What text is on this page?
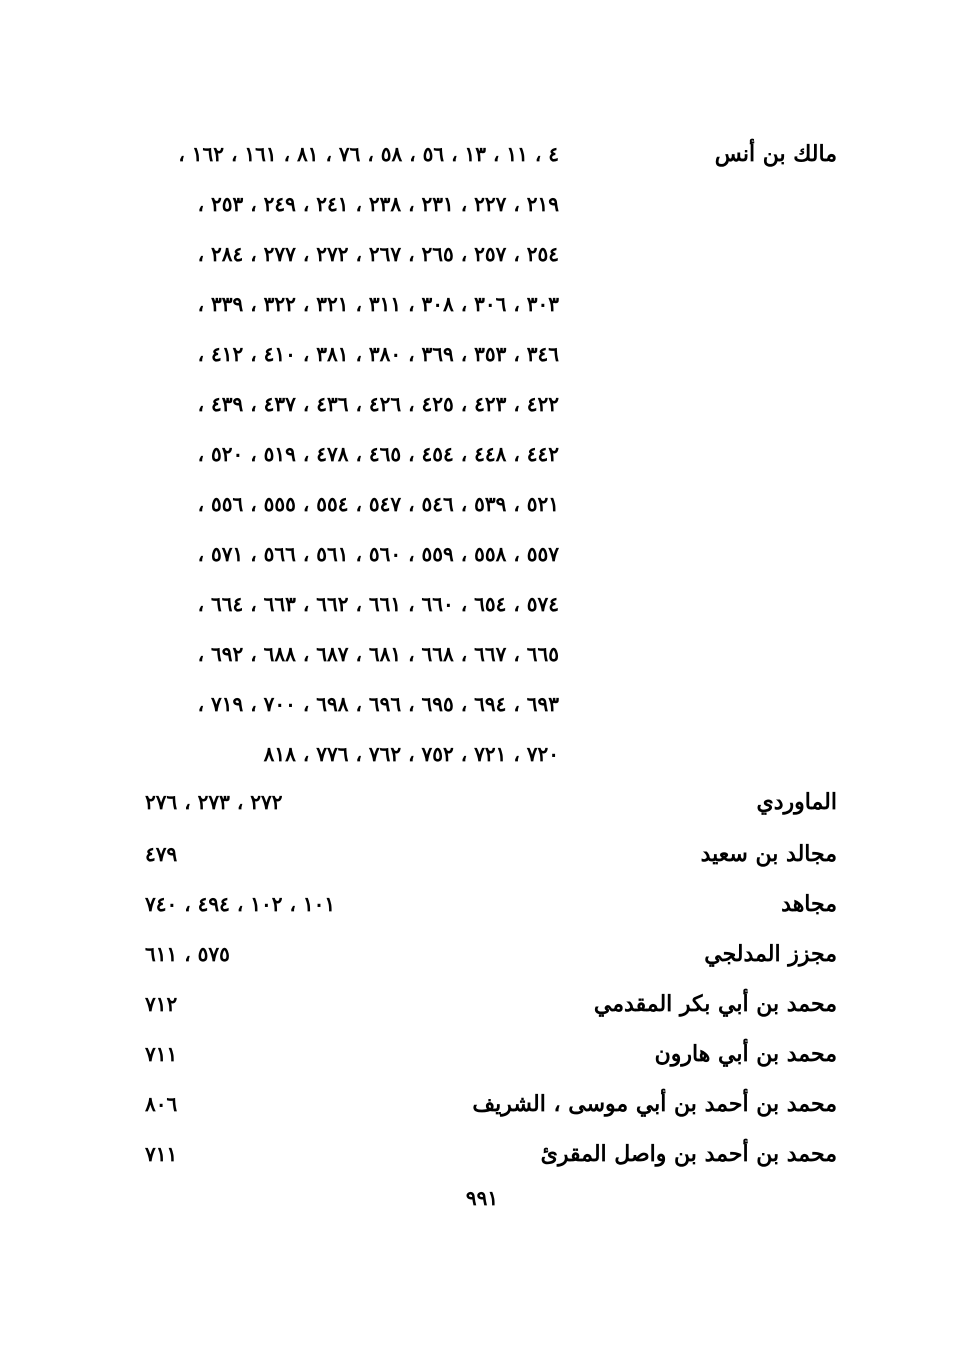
مالك بن أنس
٤ ، ١١ ، ١٣ ، ٥٦ ، ٥٨ ، ٧٦ ، ٨١ ، ١٦١ ، ١٦٢ ،
٢١٩ ، ٢٢٧ ، ٢٣١ ، ٢٣٨ ، ٢٤١ ، ٢٤٩ ، ٢٥٣ ،
٢٥٤ ، ٢٥٧ ، ٢٦٥ ، ٢٦٧ ، ٢٧٢ ، ٢٧٧ ، ٢٨٤ ،
٣٠٣ ، ٣٠٦ ، ٣٠٨ ، ٣١١ ، ٣٢١ ، ٣٢٢ ، ٣٣٩ ،
٣٤٦ ، ٣٥٣ ، ٣٦٩ ، ٣٨٠ ، ٣٨١ ، ٤١٠ ، ٤١٢ ،
٤٢٢ ، ٤٢٣ ، ٤٢٥ ، ٤٢٦ ، ٤٣٦ ، ٤٣٧ ، ٤٣٩ ،
٤٤٢ ، ٤٤٨ ، ٤٥٤ ، ٤٦٥ ، ٤٧٨ ، ٥١٩ ، ٥٢٠ ،
٥٢١ ، ٥٣٩ ، ٥٤٦ ، ٥٤٧ ، ٥٥٤ ، ٥٥٥ ، ٥٥٦ ،
٥٥٧ ، ٥٥٨ ، ٥٥٩ ، ٥٦٠ ، ٥٦١ ، ٥٦٦ ، ٥٧١ ،
٥٧٤ ، ٦٥٤ ، ٦٦٠ ، ٦٦١ ، ٦٦٢ ، ٦٦٣ ، ٦٦٤ ،
٦٦٥ ، ٦٦٧ ، ٦٦٨ ، ٦٨١ ، ٦٨٧ ، ٦٨٨ ، ٦٩٢ ،
٦٩٣ ، ٦٩٤ ، ٦٩٥ ، ٦٩٦ ، ٦٩٨ ، ٧٠٠ ، ٧١٩ ،
٧٢٠ ، ٧٢١ ، ٧٥٢ ، ٧٦٢ ، ٧٧٦ ، ٨١٨
الماوردي
٢٧٢ ، ٢٧٣ ، ٢٧٦
مجالد بن سعيد
٤٧٩
مجاهد
١٠١ ، ١٠٢ ، ٤٩٤ ، ٧٤٠
مجزز المدلجي
٥٧٥ ، ٦١١
محمد بن أبي بكر المقدمي
٧١٢
محمد بن أبي هارون
٧١١
محمد بن أحمد بن أبي موسى ، الشريف
٨٠٦
محمد بن أحمد بن واصل المقرئ
٧١١
٩٩١
